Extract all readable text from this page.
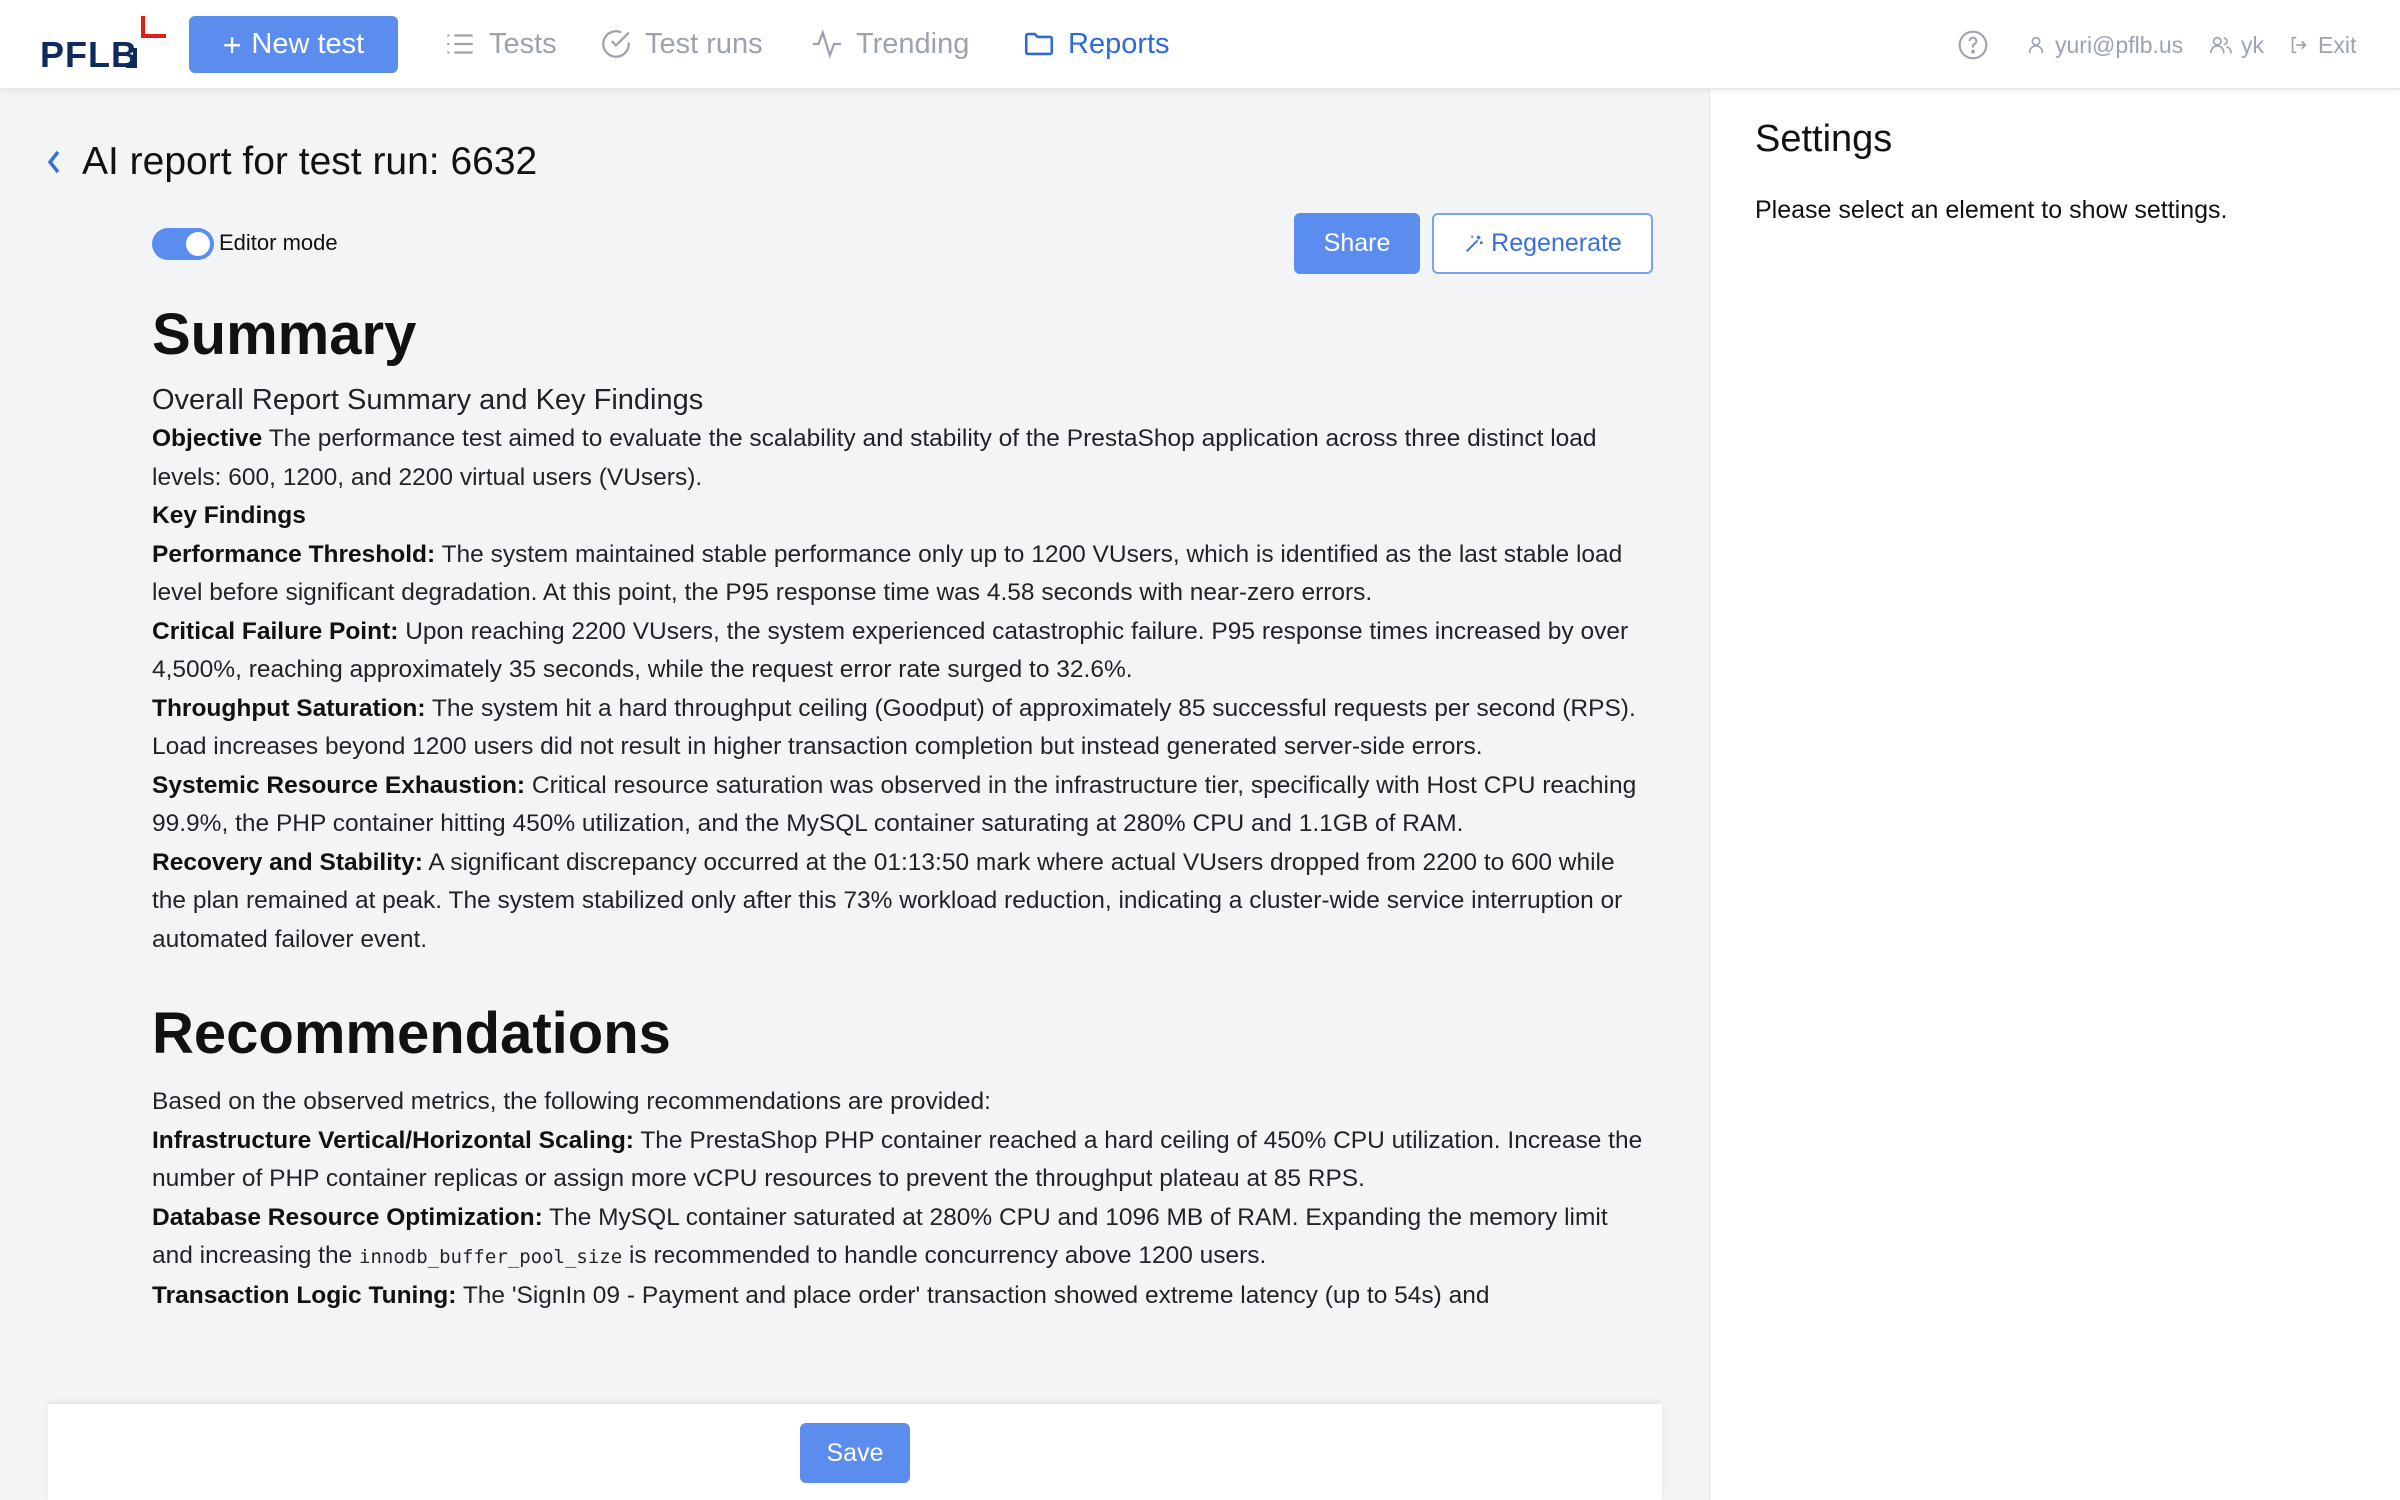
PFLB	+ New test	Tests	Test runs	Trending	Reports	yuri@pflb.us	yk Exit
AI report for test run: 6632
Editor mode	Share	Regenerate
Summary
Overall Report Summary and Key Findings

Objective The performance test aimed to evaluate the scalability and stability of the PrestaShop application across three distinct load levels: 600, 1200, and 2200 virtual users (VUsers).

Key Findings

Performance Threshold: The system maintained stable performance only up to 1200 VUsers, which is identified as the last stable load level before significant degradation. At this point, the P95 response time was 4.58 seconds with near-zero errors.

Critical Failure Point: Upon reaching 2200 VUsers, the system experienced catastrophic failure. P95 response times increased by over 4,500%, reaching approximately 35 seconds, while the request error rate surged to 32.6%.

Throughput Saturation: The system hit a hard throughput ceiling (Goodput) of approximately 85 successful requests per second (RPS). Load increases beyond 1200 users did not result in higher transaction completion but instead generated server-side errors.

Systemic Resource Exhaustion: Critical resource saturation was observed in the infrastructure tier, specifically with Host CPU reaching 99.9%, the PHP container hitting 450% utilization, and the MySQL container saturating at 280% CPU and 1.1GB of RAM.

Recovery and Stability: A significant discrepancy occurred at the 01:13:50 mark where actual VUsers dropped from 2200 to 600 while the plan remained at peak. The system stabilized only after this 73% workload reduction, indicating a cluster-wide service interruption or automated failover event.

Recommendations

Based on the observed metrics, the following recommendations are provided:

Infrastructure Vertical/Horizontal Scaling: The PrestaShop PHP container reached a hard ceiling of 450% CPU utilization. Increase the number of PHP container replicas or assign more vCPU resources to prevent the throughput plateau at 85 RPS.

Database Resource Optimization: The MySQL container saturated at 280% CPU and 1096 MB of RAM. Expanding the memory limit and increasing the innodb_buffer_pool_size is recommended to handle concurrency above 1200 users.

Transaction Logic Tuning: The 'SignIn 09 - Payment and place order' transaction showed extreme latency (up to 54s) and

Save
Settings
Please select an element to show settings.
